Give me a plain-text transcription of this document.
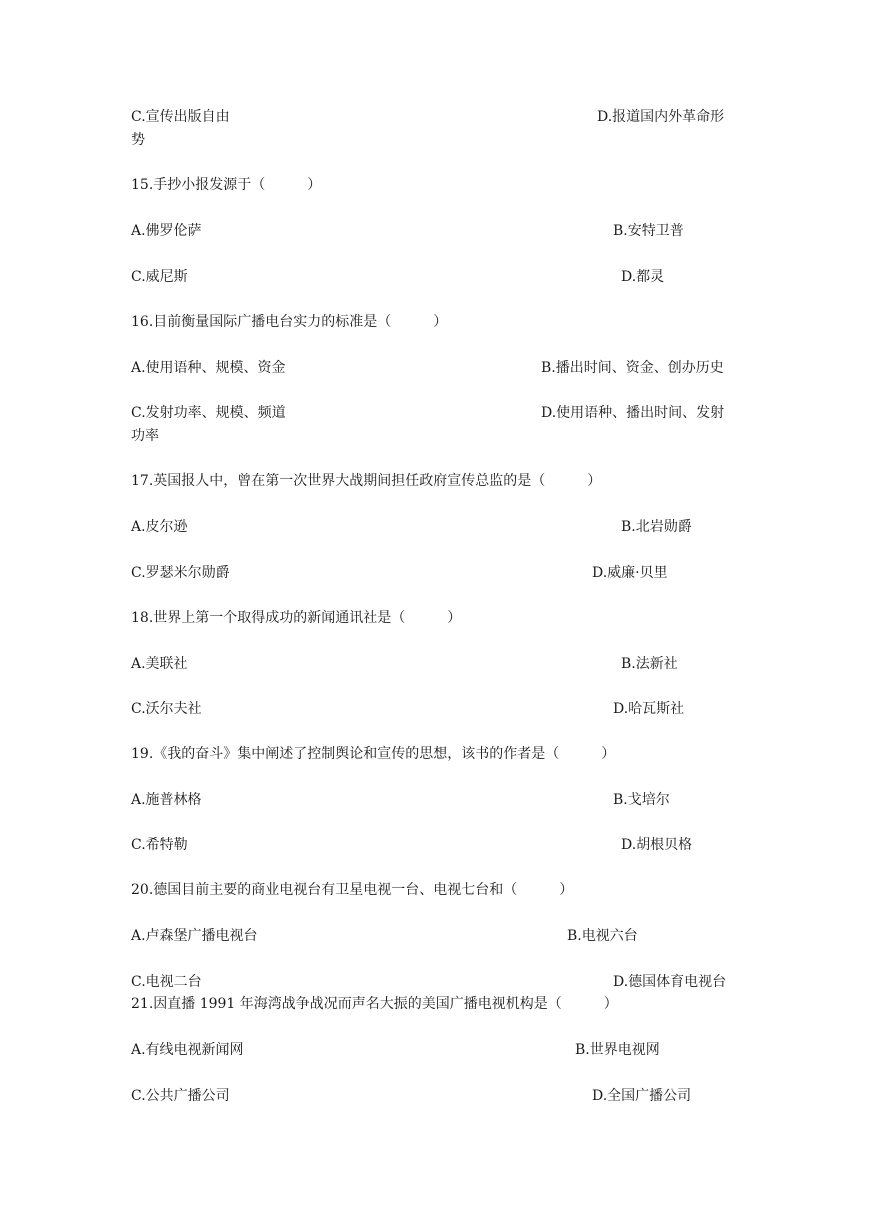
C.宣传出版自由	D.报道国内外革命形
势
15.手抄小报发源于（　　　）
A.佛罗伦萨	B.安特卫普
C.威尼斯	D.都灵
16.目前衡量国际广播电台实力的标准是（　　　）
A.使用语种、规模、资金	B.播出时间、资金、创办历史
C.发射功率、规模、频道	D.使用语种、播出时间、发射
功率
17.英国报人中，曾在第一次世界大战期间担任政府宣传总监的是（　　　）
A.皮尔逊	B.北岩勋爵
C.罗瑟米尔勋爵	D.威廉·贝里
18.世界上第一个取得成功的新闻通讯社是（　　　）
A.美联社	B.法新社
C.沃尔夫社	D.哈瓦斯社
19.《我的奋斗》集中阐述了控制舆论和宣传的思想，该书的作者是（　　　）
A.施普林格	B.戈培尔
C.希特勒	D.胡根贝格
20.德国目前主要的商业电视台有卫星电视一台、电视七台和（　　　）
A.卢森堡广播电视台	B.电视六台
C.电视二台	D.德国体育电视台
21.因直播 1991 年海湾战争战况而声名大振的美国广播电视机构是（　　　）
A.有线电视新闻网	B.世界电视网
C.公共广播公司	D.全国广播公司
